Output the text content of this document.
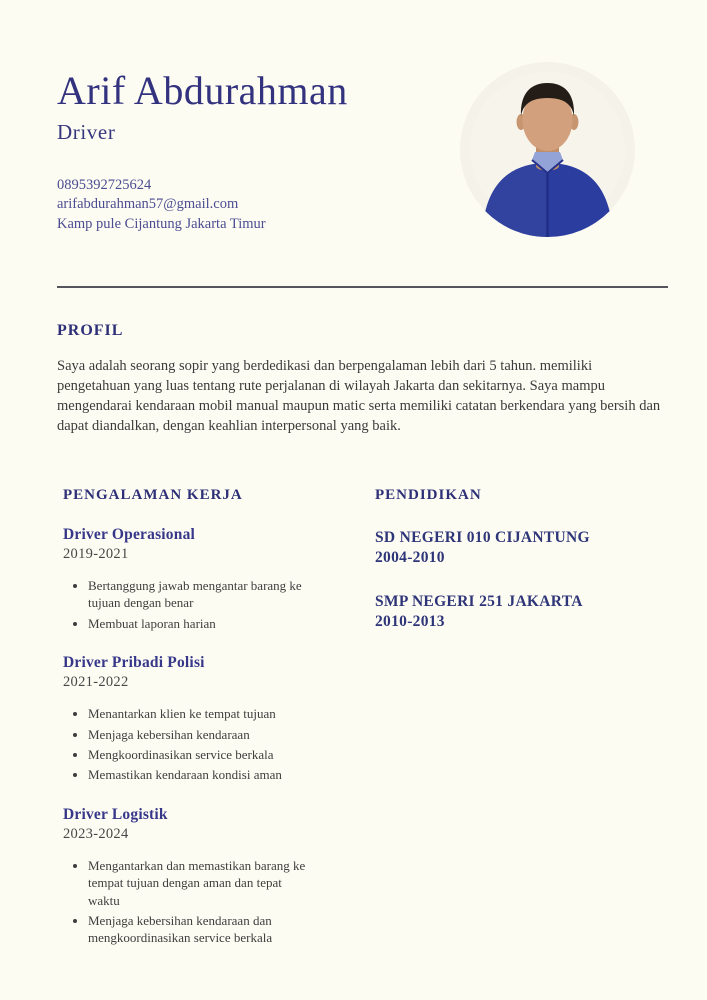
Arif Abdurahman
Driver
0895392725624
arifabdurahman57@gmail.com
Kamp pule Cijantung Jakarta Timur
PROFIL

Saya adalah seorang sopir yang berdedikasi dan berpengalaman lebih dari 5 tahun. memiliki pengetahuan yang luas tentang rute perjalanan di wilayah Jakarta dan sekitarnya. Saya mampu mengendarai kendaraan mobil manual maupun matic serta memiliki catatan berkendara yang bersih dan dapat diandalkan, dengan keahlian interpersonal yang baik.

PENGALAMAN KERJA
Driver Operasional
2019-2021
• Bertanggung jawab mengantar barang ke tujuan dengan benar
• Membuat laporan harian
Driver Pribadi Polisi
2021-2022
• Menantarkan klien ke tempat tujuan
• Menjaga kebersihan kendaraan
• Mengkoordinasikan service berkala
• Memastikan kendaraan kondisi aman
Driver Logistik
2023-2024
• Mengantarkan dan memastikan barang ke tempat tujuan dengan aman dan tepat waktu
• Menjaga kebersihan kendaraan dan mengkoordinasikan service berkala
PENDIDIKAN
SD NEGERI 010 CIJANTUNG
2004-2010
SMP NEGERI 251 JAKARTA
2010-2013
